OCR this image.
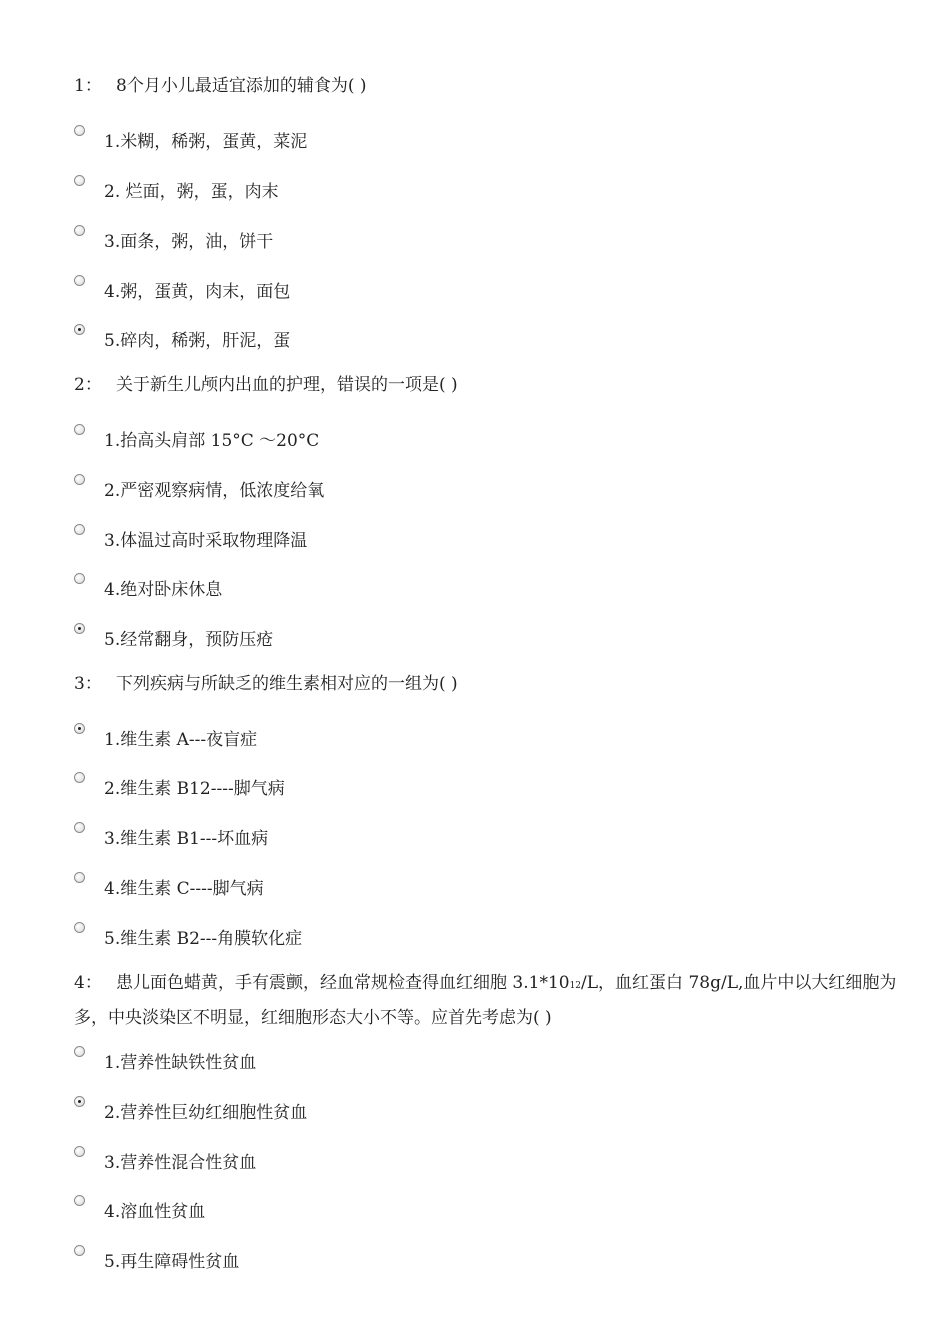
1： 8个月小儿最适宜添加的辅食为( )
1.米糊，稀粥，蛋黄，菜泥
2. 烂面，粥，蛋，肉末
3.面条，粥，油，饼干
4.粥，蛋黄，肉末，面包
5.碎肉，稀粥，肝泥，蛋
2： 关于新生儿颅内出血的护理，错误的一项是( )
1.抬高头肩部 15°C ～20°C
2.严密观察病情，低浓度给氧
3.体温过高时采取物理降温
4.绝对卧床休息
5.经常翻身，预防压疮
3： 下列疾病与所缺乏的维生素相对应的一组为( )
1.维生素 A---夜盲症
2.维生素 B12----脚气病
3.维生素 B1---坏血病
4.维生素 C----脚气病
5.维生素 B2---角膜软化症
4： 患儿面色蜡黄，手有震颤，经血常规检查得血红细胞 3.1*1012/L，血红蛋白 78g/L,血片中以大红细胞为多，中央淡染区不明显，红细胞形态大小不等。应首先考虑为( )
1.营养性缺铁性贫血
2.营养性巨幼红细胞性贫血
3.营养性混合性贫血
4.溶血性贫血
5.再生障碍性贫血
